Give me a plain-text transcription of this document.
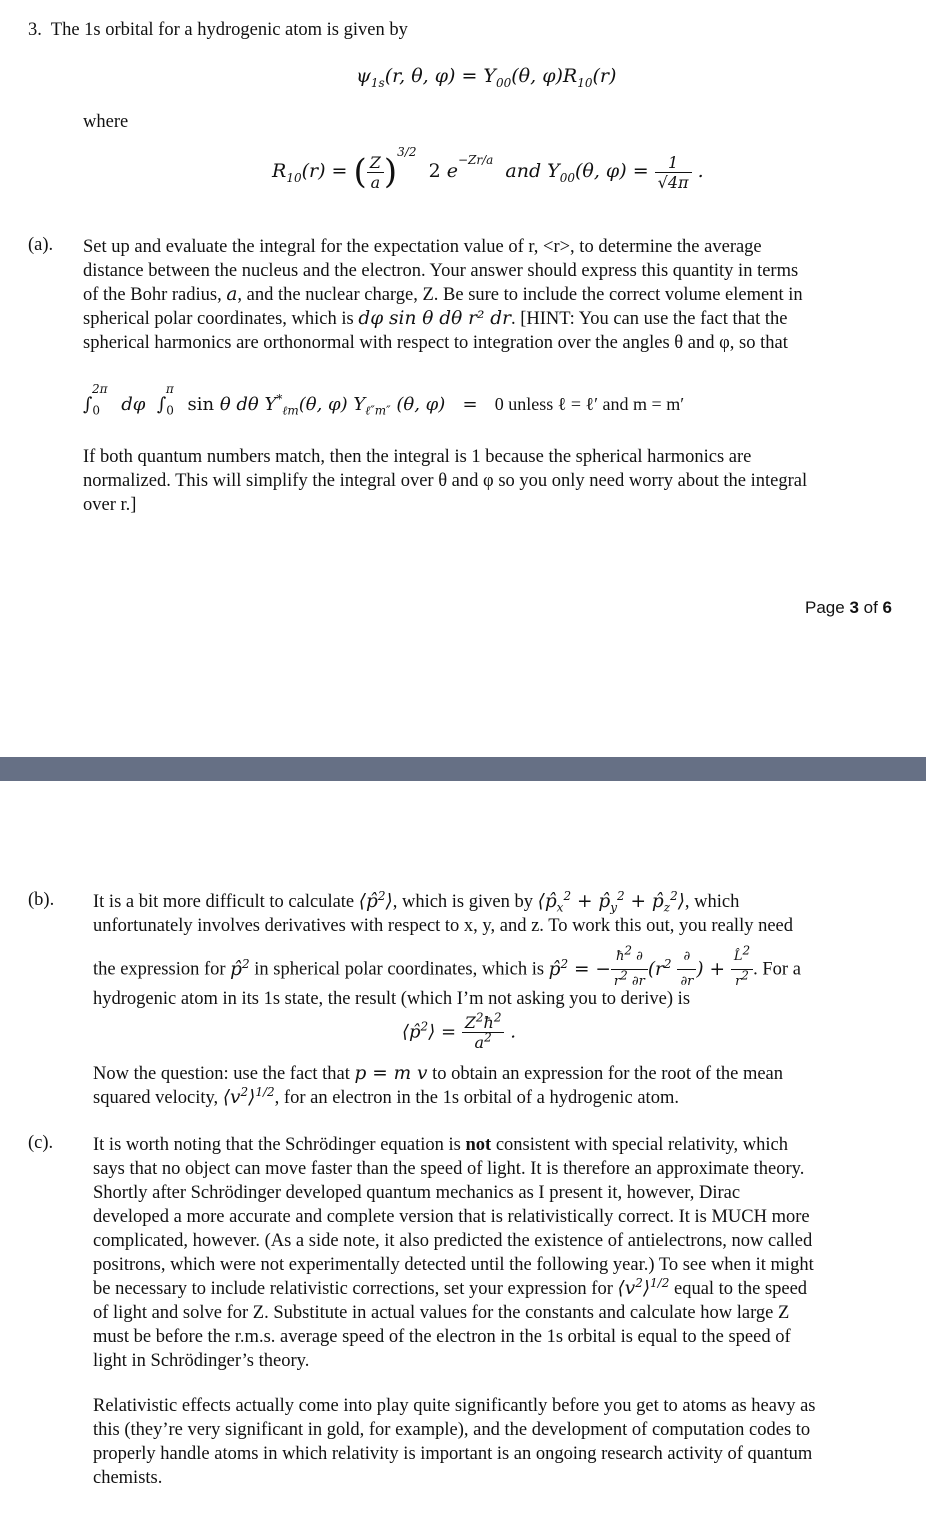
3. The 1s orbital for a hydrogenic atom is given by
$\psi_{1s}(r$, θ, $\varphi) = Y_{00}(\theta$, $\varphi)R_{10}(r)$
where
$R_{10}(r)$ = ( $\frac{Z}{a} )^{3/2}$  2 $e^{-Zr/a}$  and $Y_{00}(\theta$, $\varphi) = \frac{1}{√4\pi}$ .
(a). Set up and evaluate the integral for the expectation value of r, <r>, to determine the average
distance between the nucleus and the electron. Your answer should express this quantity in terms
of the Bohr radius, a, and the nuclear charge, Z. Be sure to include the correct volume element in
spherical polar coordinates, which is dφ sin θ dθ r² dr. [HINT: You can use the fact that the
spherical harmonics are orthonormal with respect to integration over the angles θ and φ, so that
$\int_0^{2\pi}$ dφ  $\int_0^\pi$ sin θ dθ $Y^*_{\ell m}(\theta$, φ) $Y_{\ell''m''}$ (θ, φ)   = 0 unless ℓ = ℓ′ and m = m′
If both quantum numbers match, then the integral is 1 because the spherical harmonics are
normalized. This will simplify the integral over θ and φ so you only need worry about the integral
over r.]
Page 3 of 6
(b). It is a bit more difficult to calculate ⟨p̂$^2$⟩, which is given by $⟨p̂_x^2$ + $p̂_y^2$ + $p̂_z^2⟩$, which
unfortunately involves derivatives with respect to x, y, and z. To work this out, you really need
the expression for p̂$^2$ in spherical polar coordinates, which is p̂$^2$ = − $\frac{ħ^2 \partial}{r^2 \partial r} (r^2 \frac{\partial}{\partial r}$ ) + $\frac{L̂^2}{r^2}$ . For a
hydrogenic atom in its 1s state, the result (which I’m not asking you to derive) is
⟨p̂$^2$⟩ = $\frac{Z^2ħ^2}{a^2}$ .
Now the question: use the fact that p = m v to obtain an expression for the root of the mean
squared velocity, $⟨v^2⟩^{1/2}$, for an electron in the 1s orbital of a hydrogenic atom.
(c). It is worth noting that the Schrödinger equation is not consistent with special relativity, which
says that no object can move faster than the speed of light. It is therefore an approximate theory.
Shortly after Schrödinger developed quantum mechanics as I present it, however, Dirac
developed a more accurate and complete version that is relativistically correct. It is MUCH more
complicated, however. (As a side note, it also predicted the existence of antielectrons, now called
positrons, which were not experimentally detected until the following year.) To see when it might
be necessary to include relativistic corrections, set your expression for $⟨v^2⟩^{1/2}$ equal to the speed
of light and solve for Z. Substitute in actual values for the constants and calculate how large Z
must be before the r.m.s. average speed of the electron in the 1s orbital is equal to the speed of
light in Schrödinger’s theory.
Relativistic effects actually come into play quite significantly before you get to atoms as heavy as
this (they’re very significant in gold, for example), and the development of computation codes to
properly handle atoms in which relativity is important is an ongoing research activity of quantum
chemists.
